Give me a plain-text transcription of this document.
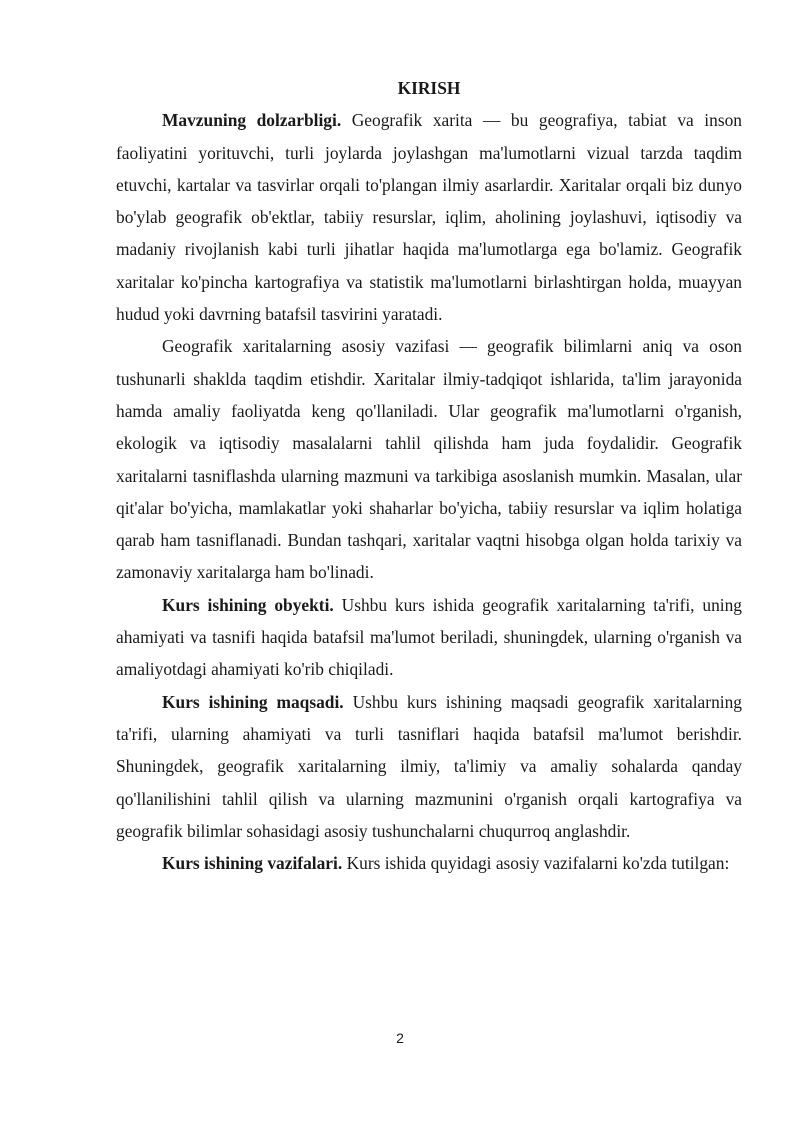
KIRISH

Mavzuning dolzarbligi. Geografik xarita — bu geografiya, tabiat va inson faoliyatini yorituvchi, turli joylarda joylashgan ma'lumotlarni vizual tarzda taqdim etuvchi, kartalar va tasvirlar orqali to'plangan ilmiy asarlardir. Xaritalar orqali biz dunyo bo'ylab geografik ob'ektlar, tabiiy resurslar, iqlim, aholining joylashuvi, iqtisodiy va madaniy rivojlanish kabi turli jihatlar haqida ma'lumotlarga ega bo'lamiz. Geografik xaritalar ko'pincha kartografiya va statistik ma'lumotlarni birlashtirgan holda, muayyan hudud yoki davrning batafsil tasvirini yaratadi.

Geografik xaritalarning asosiy vazifasi — geografik bilimlarni aniq va oson tushunarli shaklda taqdim etishdir. Xaritalar ilmiy-tadqiqot ishlarida, ta'lim jarayonida hamda amaliy faoliyatda keng qo'llaniladi. Ular geografik ma'lumotlarni o'rganish, ekologik va iqtisodiy masalalarni tahlil qilishda ham juda foydalidir. Geografik xaritalarni tasniflashda ularning mazmuni va tarkibiga asoslanish mumkin. Masalan, ular qit'alar bo'yicha, mamlakatlar yoki shaharlar bo'yicha, tabiiy resurslar va iqlim holatiga qarab ham tasniflanadi. Bundan tashqari, xaritalar vaqtni hisobga olgan holda tarixiy va zamonaviy xaritalarga ham bo'linadi.

Kurs ishining obyekti. Ushbu kurs ishida geografik xaritalarning ta'rifi, uning ahamiyati va tasnifi haqida batafsil ma'lumot beriladi, shuningdek, ularning o'rganish va amaliyotdagi ahamiyati ko'rib chiqiladi.

Kurs ishining maqsadi. Ushbu kurs ishining maqsadi geografik xaritalarning ta'rifi, ularning ahamiyati va turli tasniflari haqida batafsil ma'lumot berishdir. Shuningdek, geografik xaritalarning ilmiy, ta'limiy va amaliy sohalarda qanday qo'llanilishini tahlil qilish va ularning mazmunini o'rganish orqali kartografiya va geografik bilimlar sohasidagi asosiy tushunchalarni chuqurroq anglashdir.

Kurs ishining vazifalari. Kurs ishida quyidagi asosiy vazifalarni ko'zda tutilgan:

2
